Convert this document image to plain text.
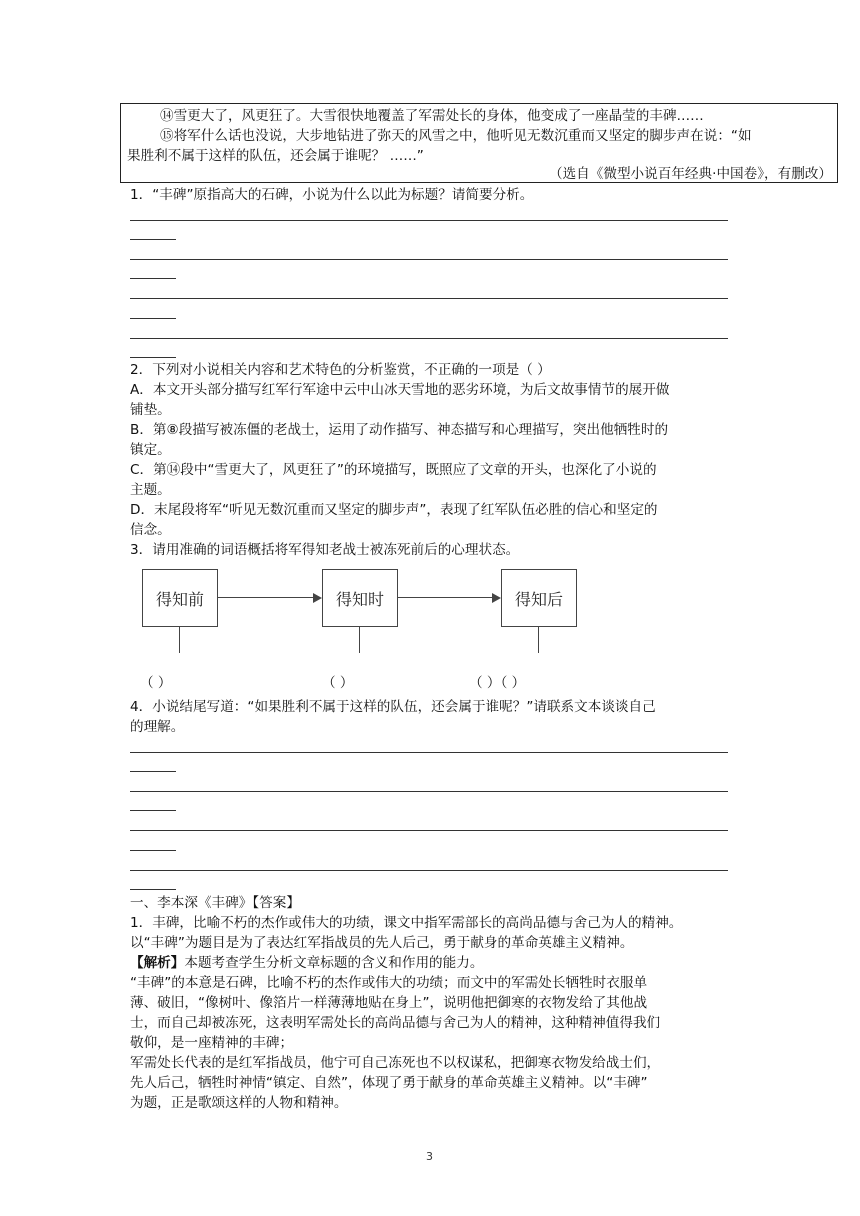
⑭雪更大了，风更狂了。大雪很快地覆盖了军需处长的身体，他变成了一座晶莹的丰碑……
⑮将军什么话也没说，大步地钻进了弥天的风雪之中，他听见无数沉重而又坚定的脚步声在说：“如
果胜利不属于这样的队伍，还会属于谁呢？ ……”
（选自《微型小说百年经典·中国卷》，有删改）
1．“丰碑”原指高大的石碑，小说为什么以此为标题？请简要分析。
2．下列对小说相关内容和艺术特色的分析鉴赏，不正确的一项是（ ）
A．本文开头部分描写红军行军途中云中山冰天雪地的恶劣环境，为后文故事情节的展开做
铺垫。
B．第⑧段描写被冻僵的老战士，运用了动作描写、神态描写和心理描写，突出他牺牲时的
镇定。
C．第⑭段中“雪更大了，风更狂了”的环境描写，既照应了文章的开头，也深化了小说的
主题。
D．末尾段将军“听见无数沉重而又坚定的脚步声”，表现了红军队伍必胜的信心和坚定的
信念。
3．请用准确的词语概括将军得知老战士被冻死前后的心理状态。
得知前	得知时	得知后
（ ）	（ ）	（ ）（ ）
4．小说结尾写道：“如果胜利不属于这样的队伍，还会属于谁呢？”请联系文本谈谈自己
的理解。
一、李本深《丰碑》【答案】
1．丰碑，比喻不朽的杰作或伟大的功绩，课文中指军需部长的高尚品德与舍己为人的精神。
以“丰碑”为题目是为了表达红军指战员的先人后己，勇于献身的革命英雄主义精神。
【解析】本题考查学生分析文章标题的含义和作用的能力。
“丰碑”的本意是石碑，比喻不朽的杰作或伟大的功绩；而文中的军需处长牺牲时衣服单
薄、破旧，“像树叶、像箔片一样薄薄地贴在身上”，说明他把御寒的衣物发给了其他战
士，而自己却被冻死，这表明军需处长的高尚品德与舍己为人的精神，这种精神值得我们
敬仰，是一座精神的丰碑；
军需处长代表的是红军指战员，他宁可自己冻死也不以权谋私，把御寒衣物发给战士们，
先人后己，牺牲时神情“镇定、自然”，体现了勇于献身的革命英雄主义精神。以“丰碑”
为题，正是歌颂这样的人物和精神。
3
